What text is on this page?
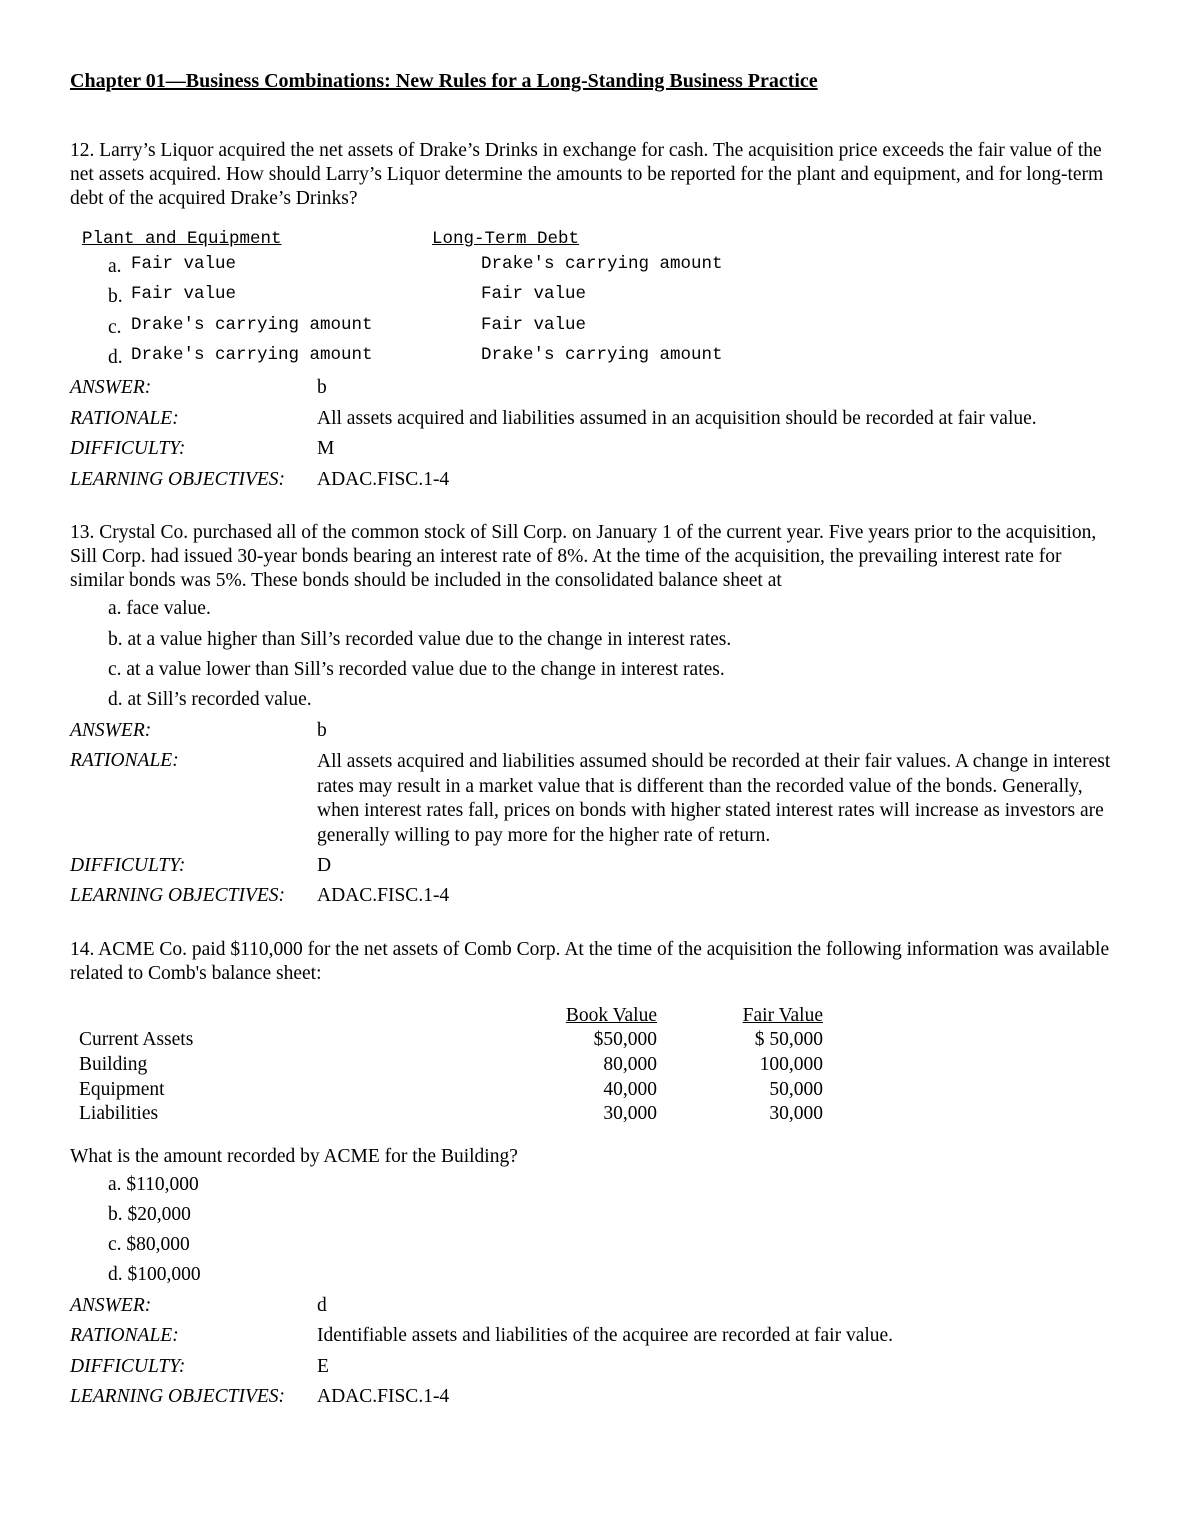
Chapter 01—Business Combinations: New Rules for a Long-Standing Business Practice
12. Larry’s Liquor acquired the net assets of Drake’s Drinks in exchange for cash. The acquisition price exceeds the fair value of the net assets acquired. How should Larry’s Liquor determine the amounts to be reported for the plant and equipment, and for long-term debt of the acquired Drake’s Drinks?
Plant and Equipment	Long-Term Debt
a. Fair value	Drake's carrying amount
b. Fair value	Fair value
c. Drake's carrying amount	Fair value
d. Drake's carrying amount	Drake's carrying amount
ANSWER:	b
RATIONALE:	All assets acquired and liabilities assumed in an acquisition should be recorded at fair value.
DIFFICULTY:	M
LEARNING OBJECTIVES: ADAC.FISC.1-4
13. Crystal Co. purchased all of the common stock of Sill Corp. on January 1 of the current year. Five years prior to the acquisition, Sill Corp. had issued 30-year bonds bearing an interest rate of 8%. At the time of the acquisition, the prevailing interest rate for similar bonds was 5%. These bonds should be included in the consolidated balance sheet at
a. face value.
b. at a value higher than Sill’s recorded value due to the change in interest rates.
c. at a value lower than Sill’s recorded value due to the change in interest rates.
d. at Sill’s recorded value.
ANSWER:	b
RATIONALE:	All assets acquired and liabilities assumed should be recorded at their fair values. A change in interest rates may result in a market value that is different than the recorded value of the bonds. Generally, when interest rates fall, prices on bonds with higher stated interest rates will increase as investors are generally willing to pay more for the higher rate of return.
DIFFICULTY:	D
LEARNING OBJECTIVES: ADAC.FISC.1-4
14. ACME Co. paid $110,000 for the net assets of Comb Corp. At the time of the acquisition the following information was available related to Comb's balance sheet:
Book Value	Fair Value
Current Assets	$50,000	$ 50,000
Building	80,000	100,000
Equipment	40,000	50,000
Liabilities	30,000	30,000
What is the amount recorded by ACME for the Building?
a. $110,000
b. $20,000
c. $80,000
d. $100,000
ANSWER:	d
RATIONALE:	Identifiable assets and liabilities of the acquiree are recorded at fair value.
DIFFICULTY:	E
LEARNING OBJECTIVES: ADAC.FISC.1-4
